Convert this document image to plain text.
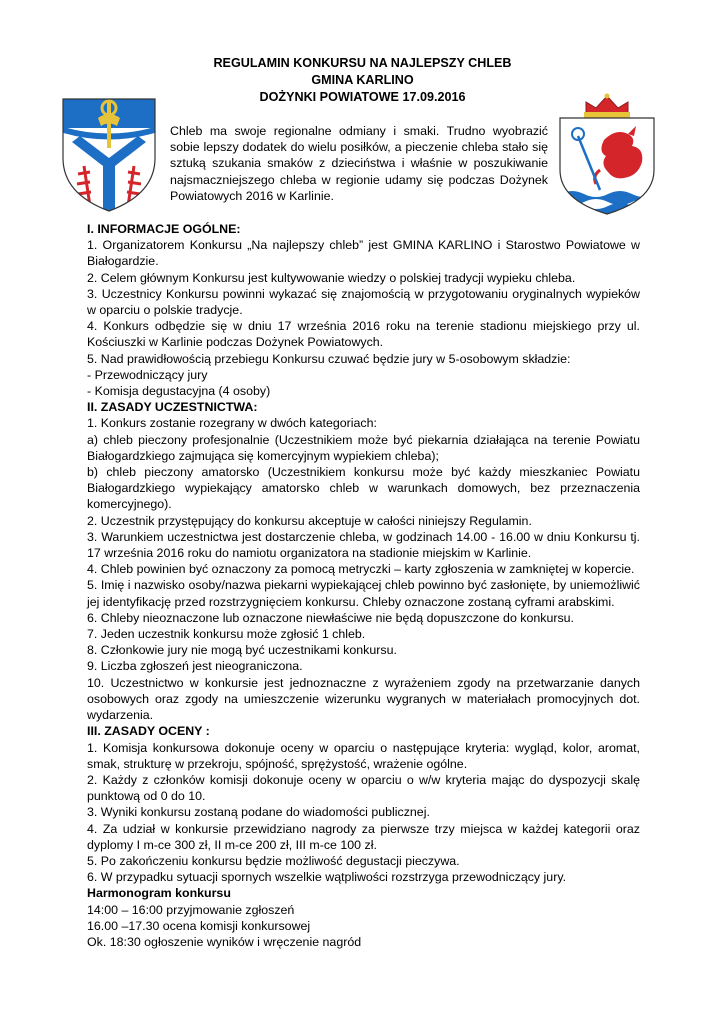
REGULAMIN KONKURSU NA NAJLEPSZY CHLEB
GMINA KARLINO
DOŻYNKI POWIATOWE 17.09.2016

Chleb ma swoje regionalne odmiany i smaki. Trudno wyobrazić sobie lepszy dodatek do wielu posiłków, a pieczenie chleba stało się sztuką szukania smaków z dzieciństwa i właśnie w poszukiwanie najsmaczniejszego chleba w regionie udamy się podczas Dożynek Powiatowych 2016 w Karlinie.

I. INFORMACJE OGÓLNE:

1. Organizatorem Konkursu „Na najlepszy chleb” jest GMINA KARLINO i Starostwo Powiatowe w Białogardzie.

2. Celem głównym Konkursu jest kultywowanie wiedzy o polskiej tradycji wypieku chleba.

3. Uczestnicy Konkursu powinni wykazać się znajomością w przygotowaniu oryginalnych wypieków w oparciu o polskie tradycje.

4. Konkurs odbędzie się w dniu 17 września 2016 roku na terenie stadionu miejskiego przy ul. Kościuszki w Karlinie podczas Dożynek Powiatowych.

5. Nad prawidłowością przebiegu Konkursu czuwać będzie jury w 5-osobowym składzie:

- Przewodniczący jury

- Komisja degustacyjna (4 osoby)

II. ZASADY UCZESTNICTWA:

1. Konkurs zostanie rozegrany w dwóch kategoriach:

a) chleb pieczony profesjonalnie (Uczestnikiem może być piekarnia działająca na terenie Powiatu Białogardzkiego zajmująca się komercyjnym wypiekiem chleba);

b) chleb pieczony amatorsko (Uczestnikiem konkursu może być każdy mieszkaniec Powiatu Białogardzkiego wypiekający amatorsko chleb w warunkach domowych, bez przeznaczenia komercyjnego).

2. Uczestnik przystępujący do konkursu akceptuje w całości niniejszy Regulamin.

3. Warunkiem uczestnictwa jest dostarczenie chleba, w godzinach 14.00 - 16.00 w dniu Konkursu tj. 17 września 2016 roku do namiotu organizatora na stadionie miejskim w Karlinie.

4. Chleb powinien być oznaczony za pomocą metryczki – karty zgłoszenia w zamkniętej w kopercie.

5. Imię i nazwisko osoby/nazwa piekarni wypiekającej chleb powinno być zasłonięte, by uniemożliwić jej identyfikację przed rozstrzygnięciem konkursu. Chleby oznaczone zostaną cyframi arabskimi.

6. Chleby nieoznaczone lub oznaczone niewłaściwe nie będą dopuszczone do konkursu.

7. Jeden uczestnik konkursu może zgłosić 1 chleb.

8. Członkowie jury nie mogą być uczestnikami konkursu.

9. Liczba zgłoszeń jest nieograniczona.

10. Uczestnictwo w konkursie jest jednoznaczne z wyrażeniem zgody na przetwarzanie danych osobowych oraz zgody na umieszczenie wizerunku wygranych w materiałach promocyjnych dot. wydarzenia.

III. ZASADY OCENY :

1. Komisja konkursowa dokonuje oceny w oparciu o następujące kryteria: wygląd, kolor, aromat, smak, strukturę w przekroju, spójność, sprężystość, wrażenie ogólne.

2. Każdy z członków komisji dokonuje oceny w oparciu o w/w kryteria mając do dyspozycji skalę punktową od 0 do 10.

3. Wyniki konkursu zostaną podane do wiadomości publicznej.

4. Za udział w konkursie przewidziano nagrody za pierwsze trzy miejsca w każdej kategorii oraz dyplomy I m-ce 300 zł, II m-ce 200 zł, III m-ce 100 zł.

5. Po zakończeniu konkursu będzie możliwość degustacji pieczywa.

6. W przypadku sytuacji spornych wszelkie wątpliwości rozstrzyga przewodniczący jury.

Harmonogram konkursu

14:00 – 16:00 przyjmowanie zgłoszeń

16.00 –17.30 ocena komisji konkursowej

Ok. 18:30 ogłoszenie wyników i wręczenie nagród
